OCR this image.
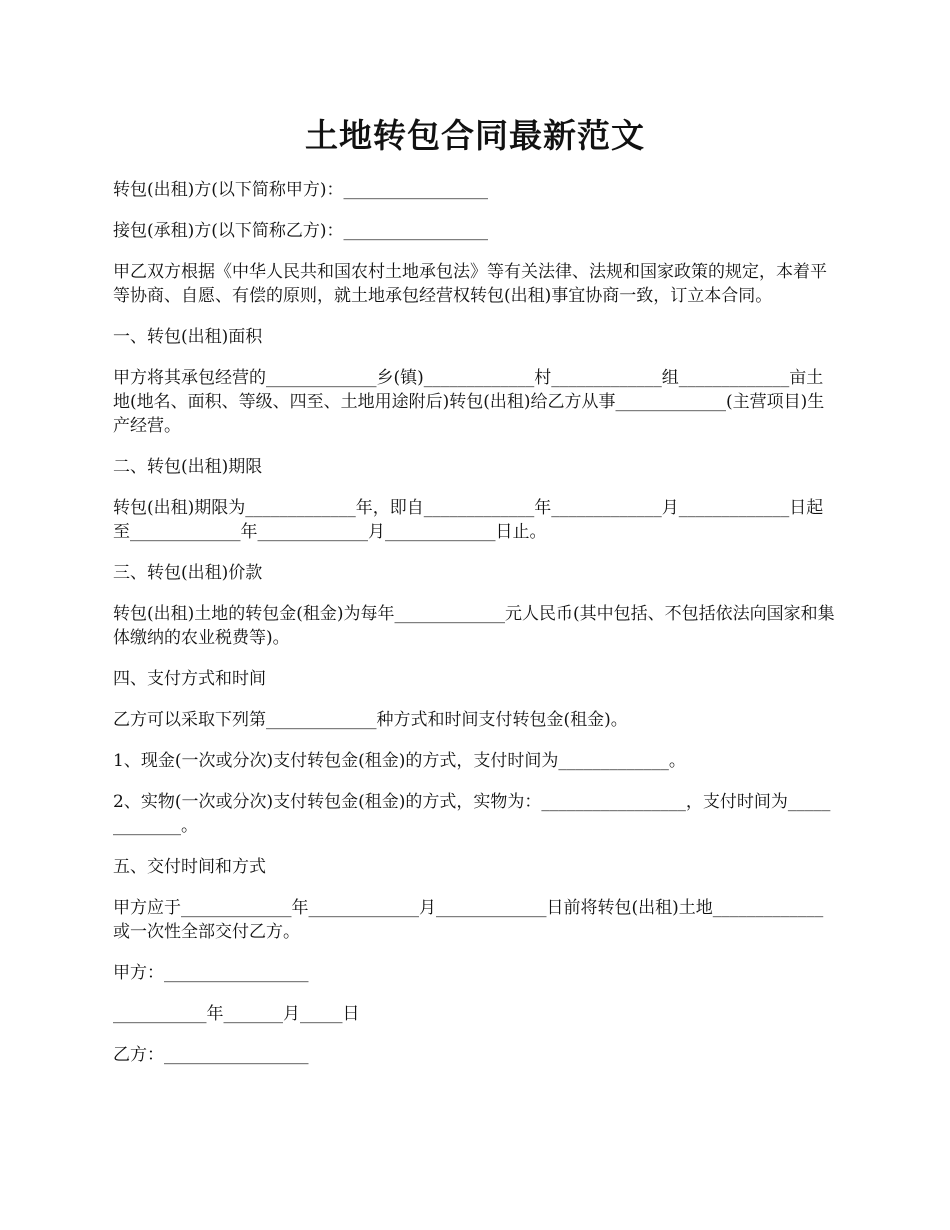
土地转包合同最新范文

转包(出租)方(以下简称甲方)：_________________

接包(承租)方(以下简称乙方)：_________________

甲乙双方根据《中华人民共和国农村土地承包法》等有关法律、法规和国家政策的规定，本着平等协商、自愿、有偿的原则，就土地承包经营权转包(出租)事宜协商一致，订立本合同。

一、转包(出租)面积

甲方将其承包经营的_____________乡(镇)_____________村_____________组_____________亩土地(地名、面积、等级、四至、土地用途附后)转包(出租)给乙方从事_____________(主营项目)生产经营。

二、转包(出租)期限

转包(出租)期限为_____________年，即自_____________年_____________月_____________日起至_____________年_____________月_____________日止。

三、转包(出租)价款

转包(出租)土地的转包金(租金)为每年_____________元人民币(其中包括、不包括依法向国家和集体缴纳的农业税费等)。

四、支付方式和时间

乙方可以采取下列第_____________种方式和时间支付转包金(租金)。

1、现金(一次或分次)支付转包金(租金)的方式，支付时间为_____________。

2、实物(一次或分次)支付转包金(租金)的方式，实物为：_________________，支付时间为_____________。

五、交付时间和方式

甲方应于_____________年_____________月_____________日前将转包(出租)土地_____________或一次性全部交付乙方。

甲方：_________________

___________年_______月_____日

乙方：_________________
